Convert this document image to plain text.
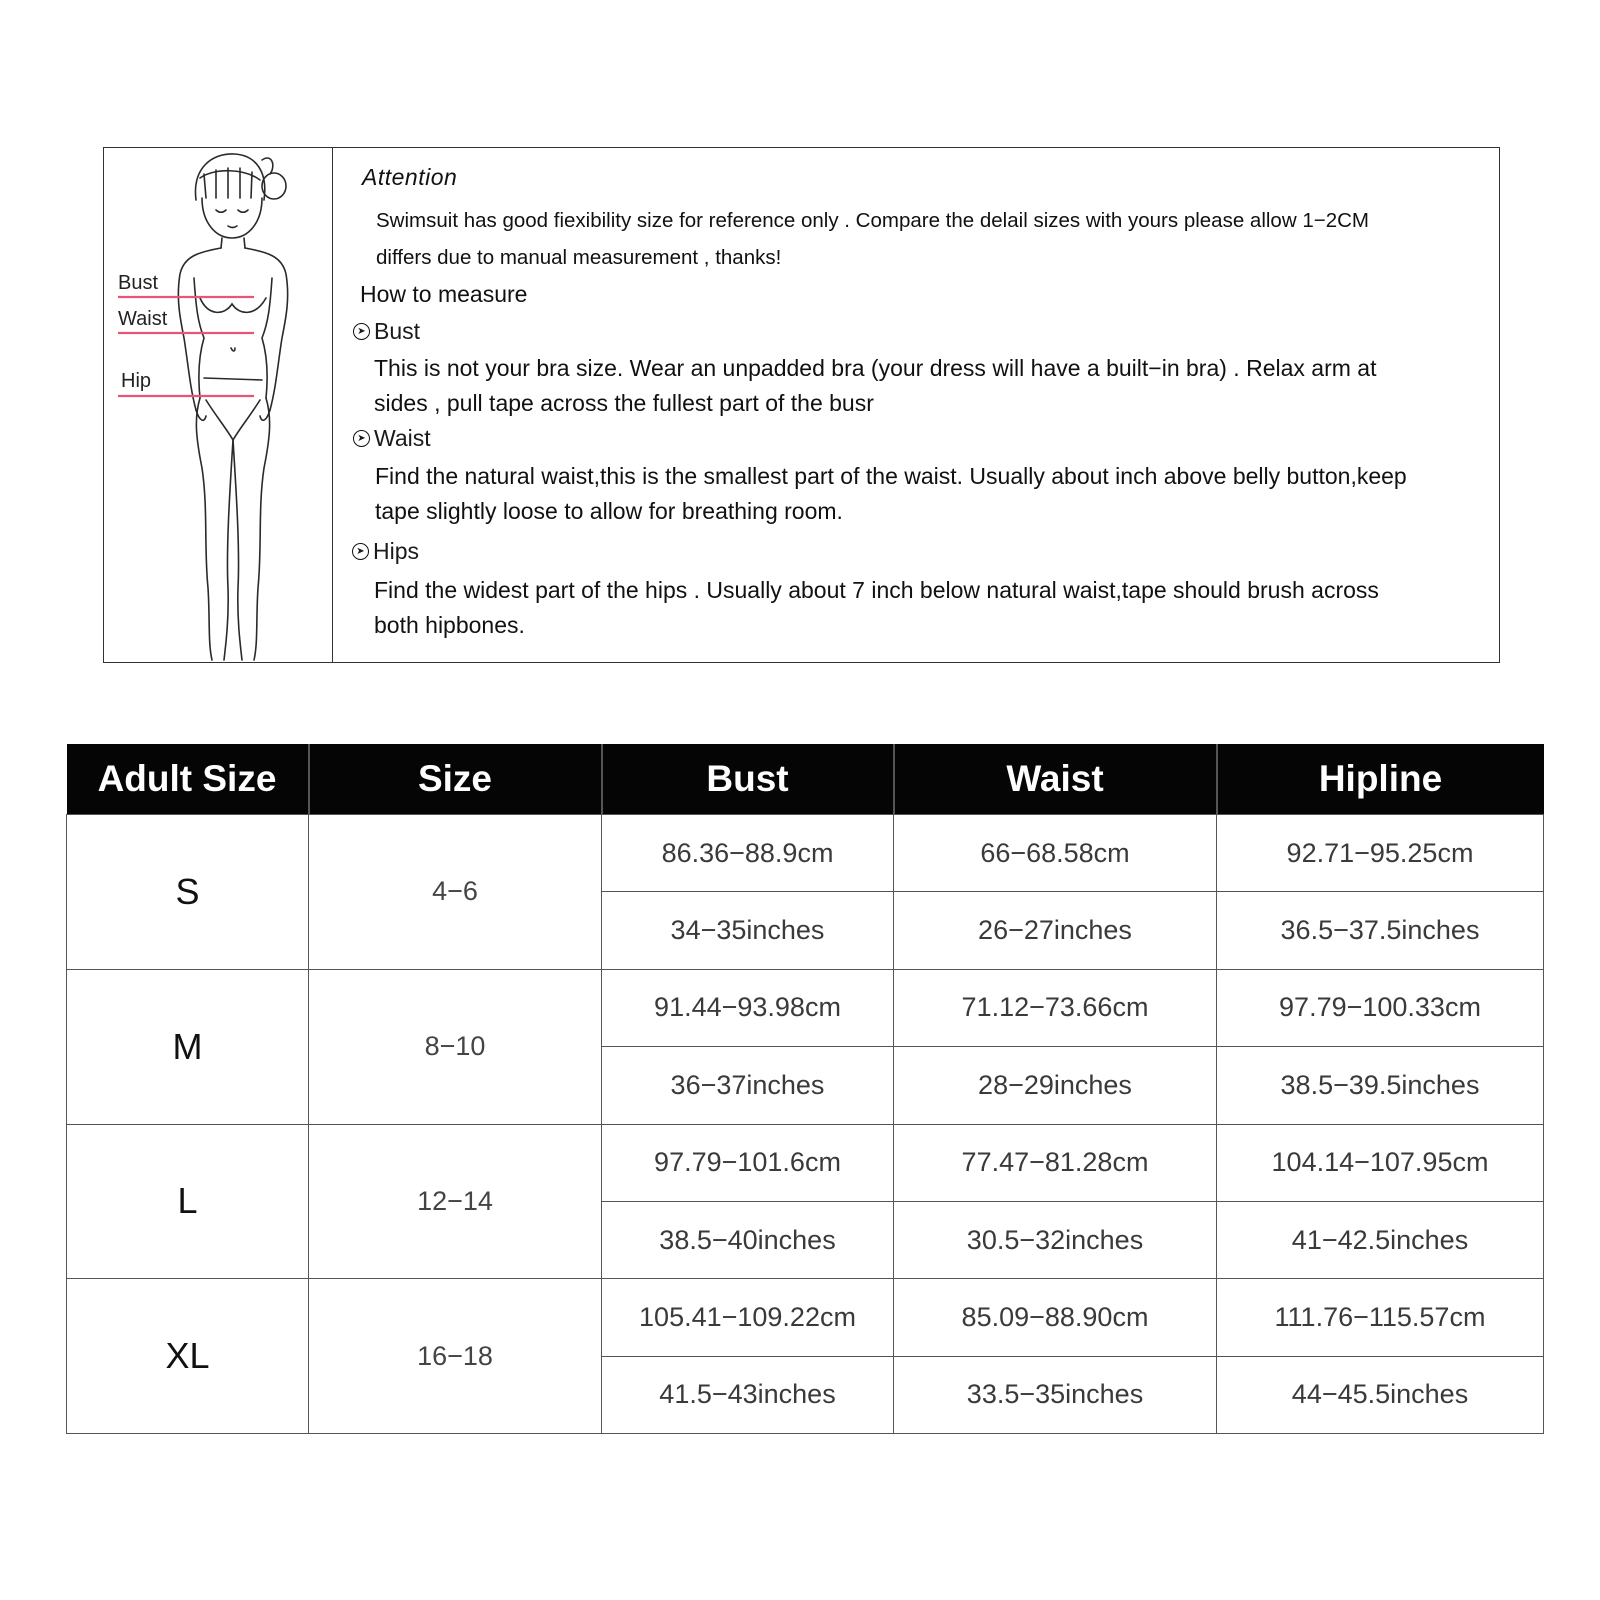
Bust
Waist
Hip
Attention
Swimsuit has good fiexibility size for reference only . Compare the delail sizes with yours please allow 1−2CM
differs due to manual measurement , thanks!
How to measure
➤ Bust
This is not your bra size. Wear an unpadded bra (your dress will have a built−in bra) . Relax arm at
sides , pull tape across the fullest part of the busr
➤ Waist
Find the natural waist,this is the smallest part of the waist. Usually about inch above belly button,keep
tape slightly loose to allow for breathing room.
➤ Hips
Find the widest part of the hips . Usually about 7 inch below natural waist,tape should brush across
both hipbones.
Adult Size	Size	Bust	Waist	Hipline
S	4−6	86.36−88.9cm	66−68.58cm	92.71−95.25cm
		34−35inches	26−27inches	36.5−37.5inches
M	8−10	91.44−93.98cm	71.12−73.66cm	97.79−100.33cm
		36−37inches	28−29inches	38.5−39.5inches
L	12−14	97.79−101.6cm	77.47−81.28cm	104.14−107.95cm
		38.5−40inches	30.5−32inches	41−42.5inches
XL	16−18	105.41−109.22cm	85.09−88.90cm	111.76−115.57cm
		41.5−43inches	33.5−35inches	44−45.5inches
